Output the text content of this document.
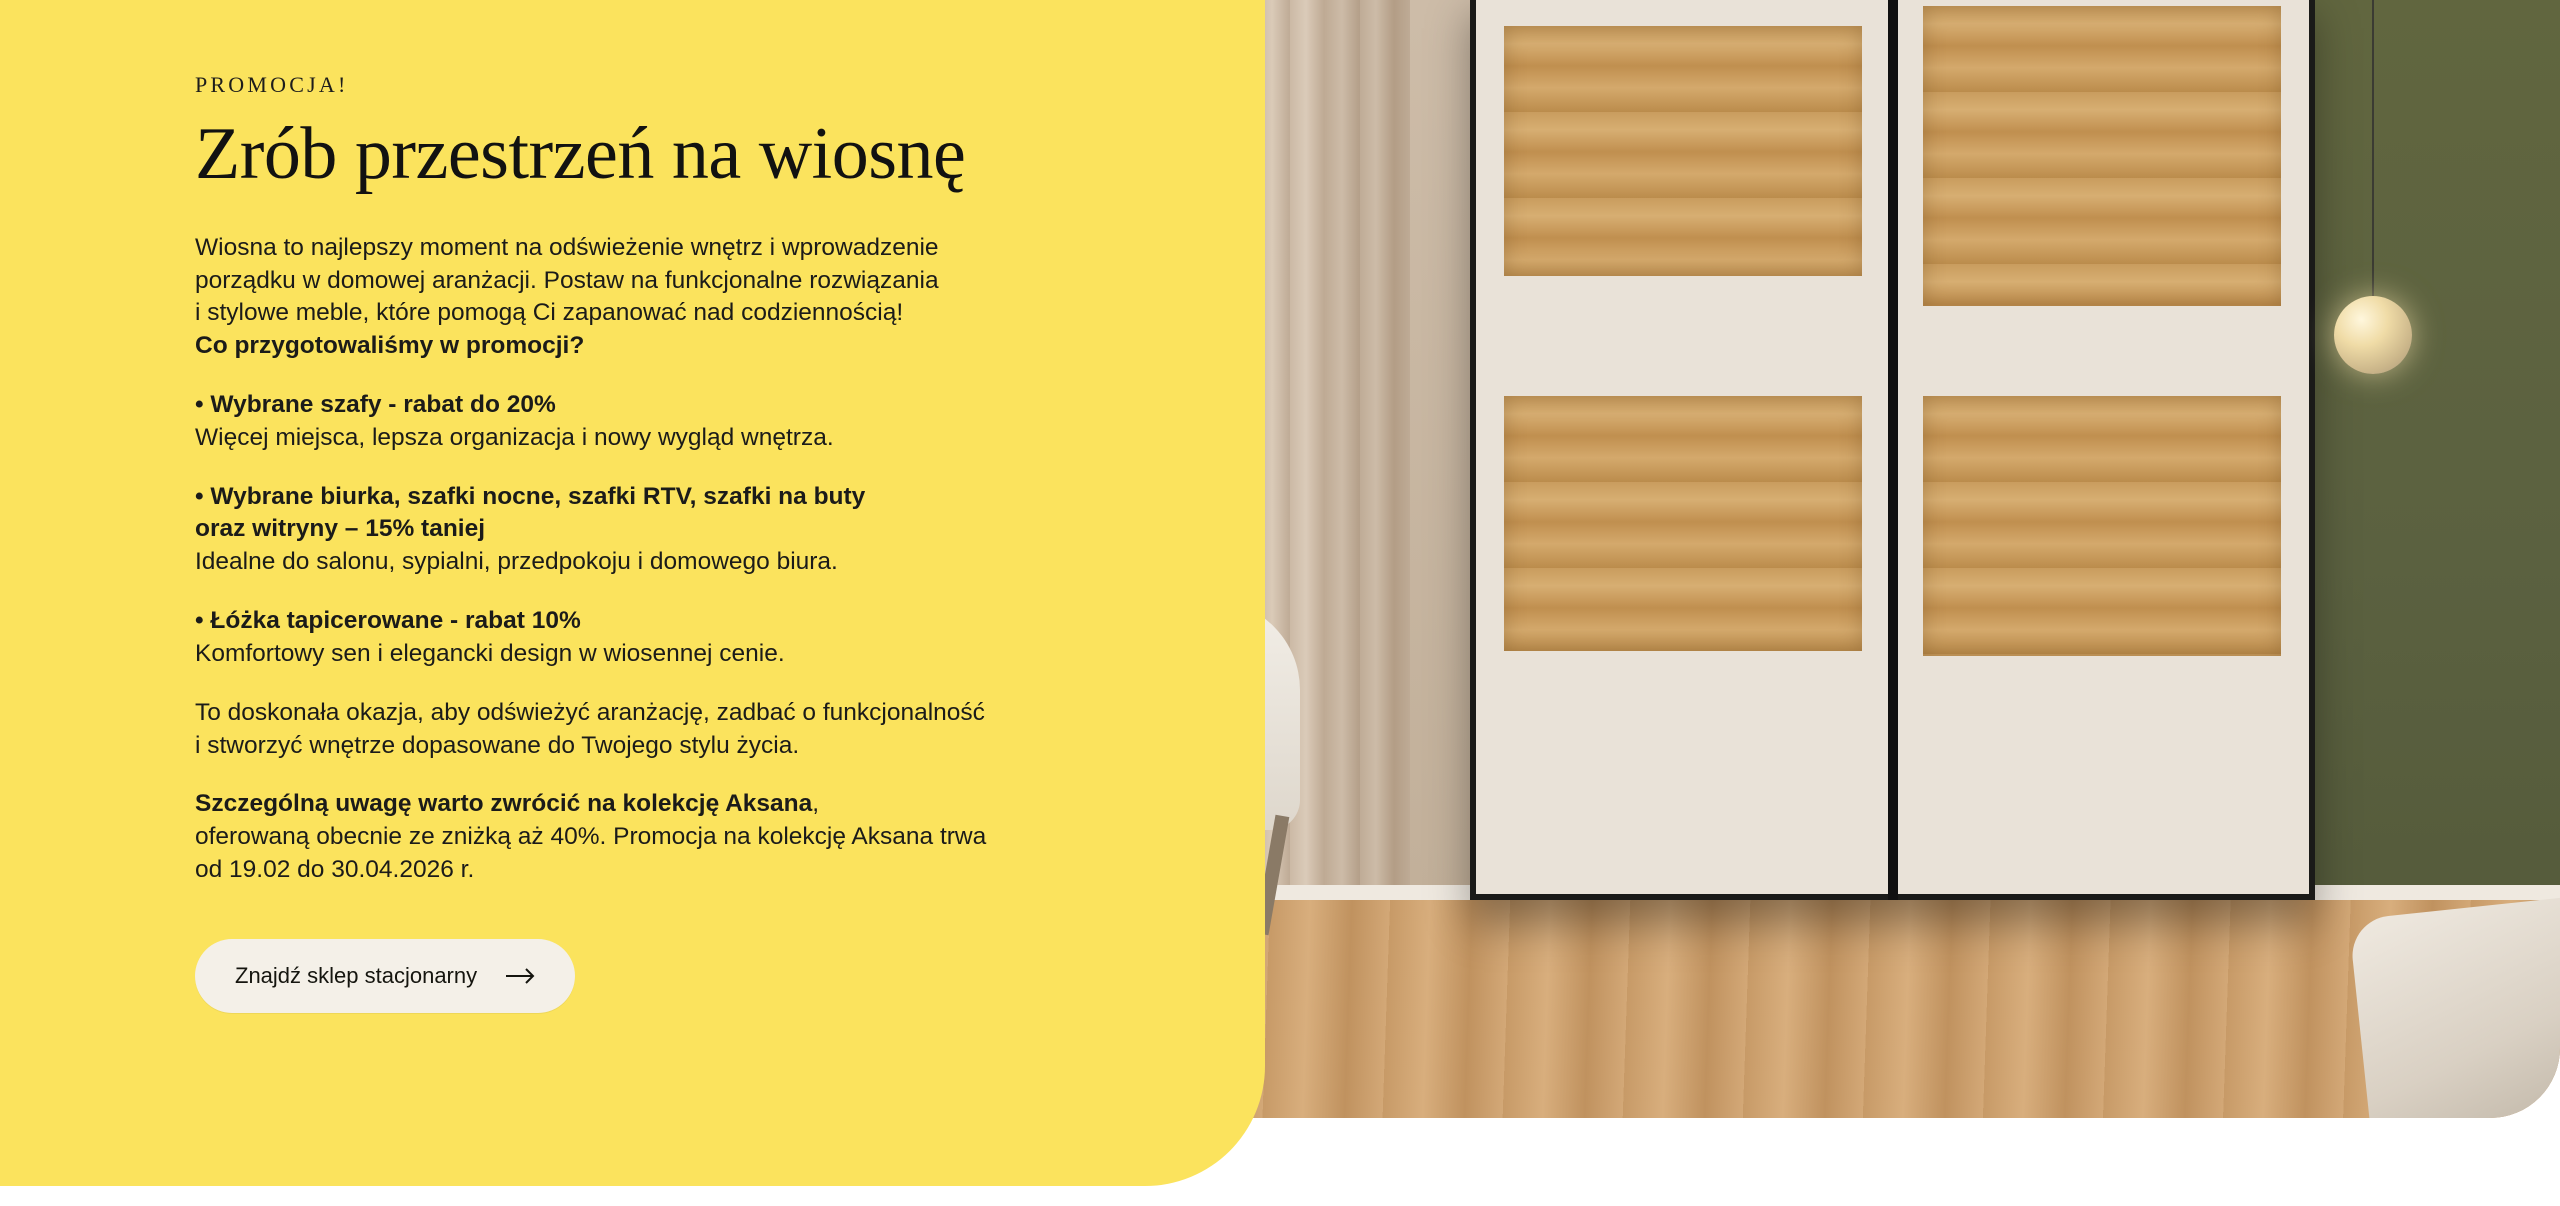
PROMOCJA!
Zrób przestrzeń na wiosnę

Wiosna to najlepszy moment na odświeżenie wnętrz i wprowadzenie

porządku w domowej aranżacji. Postaw na funkcjonalne rozwiązania

i stylowe meble, które pomogą Ci zapanować nad codziennością!

Co przygotowaliśmy w promocji?

• Wybrane szafy - rabat do 20%

Więcej miejsca, lepsza organizacja i nowy wygląd wnętrza.

• Wybrane biurka, szafki nocne, szafki RTV, szafki na buty

oraz witryny – 15% taniej

Idealne do salonu, sypialni, przedpokoju i domowego biura.

• Łóżka tapicerowane - rabat 10%

Komfortowy sen i elegancki design w wiosennej cenie.

To doskonała okazja, aby odświeżyć aranżację, zadbać o funkcjonalność

i stworzyć wnętrze dopasowane do Twojego stylu życia.

Szczególną uwagę warto zwrócić na kolekcję Aksana,

oferowaną obecnie ze zniżką aż 40%. Promocja na kolekcję Aksana trwa

od 19.02 do 30.04.2026 r.

Znajdź sklep stacjonarny
